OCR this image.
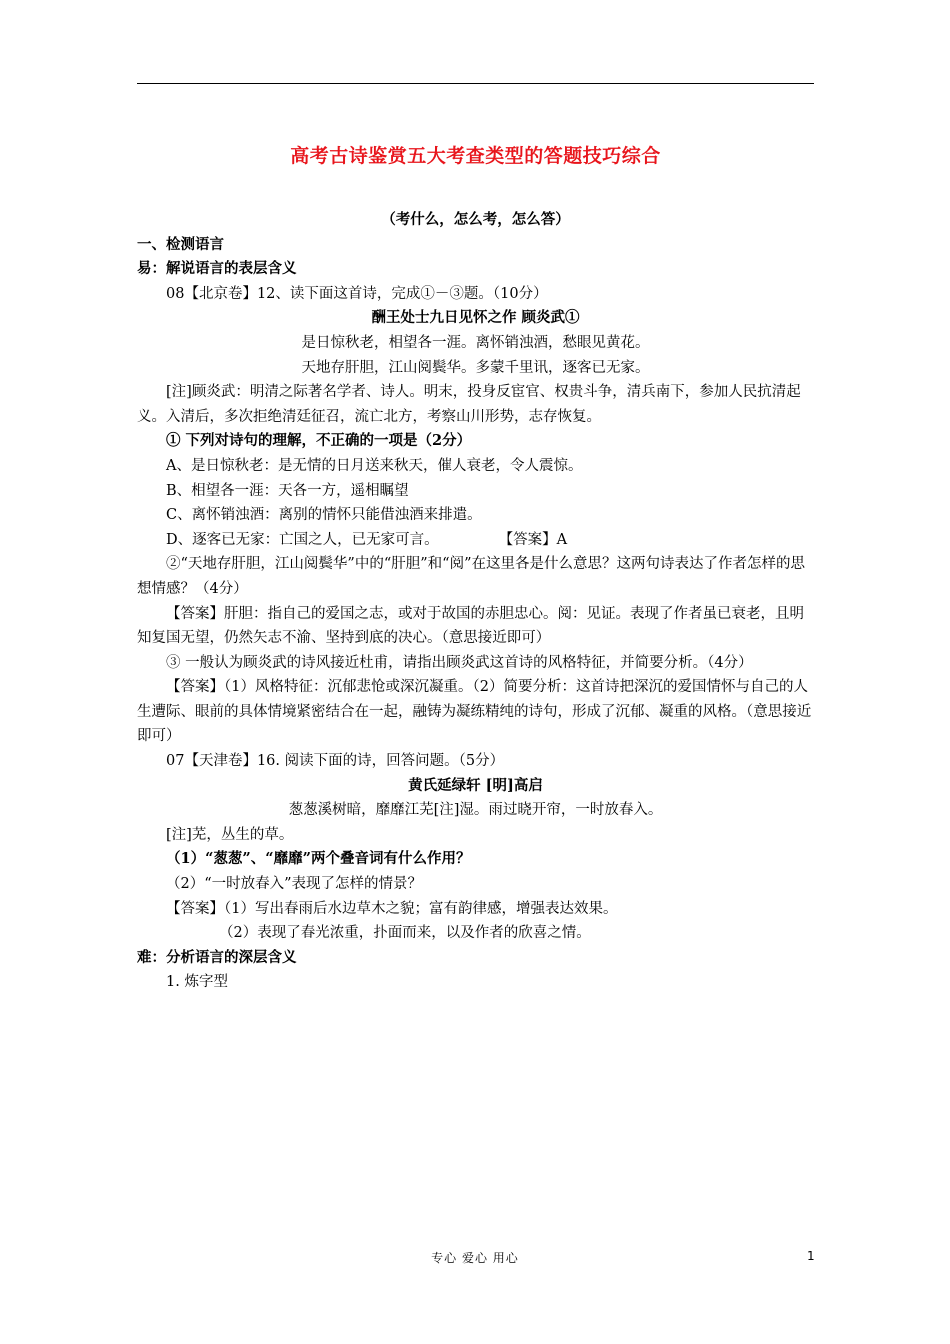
高考古诗鉴赏五大考查类型的答题技巧综合
（考什么，怎么考，怎么答）
一、检测语言
易：解说语言的表层含义
08【北京卷】12、读下面这首诗，完成①－③题。（10分）
酬王处士九日见怀之作 顾炎武①
是日惊秋老，相望各一涯。离怀销浊酒，愁眼见黄花。
天地存肝胆，江山阅鬓华。多蒙千里讯，逐客已无家。
[注]顾炎武：明清之际著名学者、诗人。明末，投身反宦官、权贵斗争，清兵南下，参加人民抗清起义。入清后，多次拒绝清廷征召，流亡北方，考察山川形势，志存恢复。
① 下列对诗句的理解，不正确的一项是（2分）
A、是日惊秋老：是无情的日月送来秋天，催人衰老，令人震惊。
B、相望各一涯：天各一方，遥相瞩望
C、离怀销浊酒：离别的情怀只能借浊酒来排遣。
D、逐客已无家：亡国之人，已无家可言。	【答案】A
②“天地存肝胆，江山阅鬓华”中的“肝胆”和“阅”在这里各是什么意思？这两句诗表达了作者怎样的思想情感？（4分）
【答案】肝胆：指自己的爱国之志，或对于故国的赤胆忠心。阅：见证。表现了作者虽已衰老，且明知复国无望，仍然矢志不渝、坚持到底的决心。（意思接近即可）
③ 一般认为顾炎武的诗风接近杜甫，请指出顾炎武这首诗的风格特征，并简要分析。（4分）
【答案】（1）风格特征：沉郁悲怆或深沉凝重。（2）简要分析：这首诗把深沉的爱国情怀与自己的人生遭际、眼前的具体情境紧密结合在一起，融铸为凝练精纯的诗句，形成了沉郁、凝重的风格。（意思接近即可）
07【天津卷】16. 阅读下面的诗，回答问题。（5分）
黄氏延绿轩 [明]高启
葱葱溪树暗，靡靡江芜[注]湿。雨过晓开帘，一时放春入。
[注]芜，丛生的草。
（1）“葱葱”、“靡靡”两个叠音词有什么作用？
（2）“一时放春入”表现了怎样的情景？
【答案】（1）写出春雨后水边草木之貌；富有韵律感，增强表达效果。
（2）表现了春光浓重，扑面而来，以及作者的欣喜之情。
难：分析语言的深层含义
1. 炼字型
专心 爱心 用心	1
